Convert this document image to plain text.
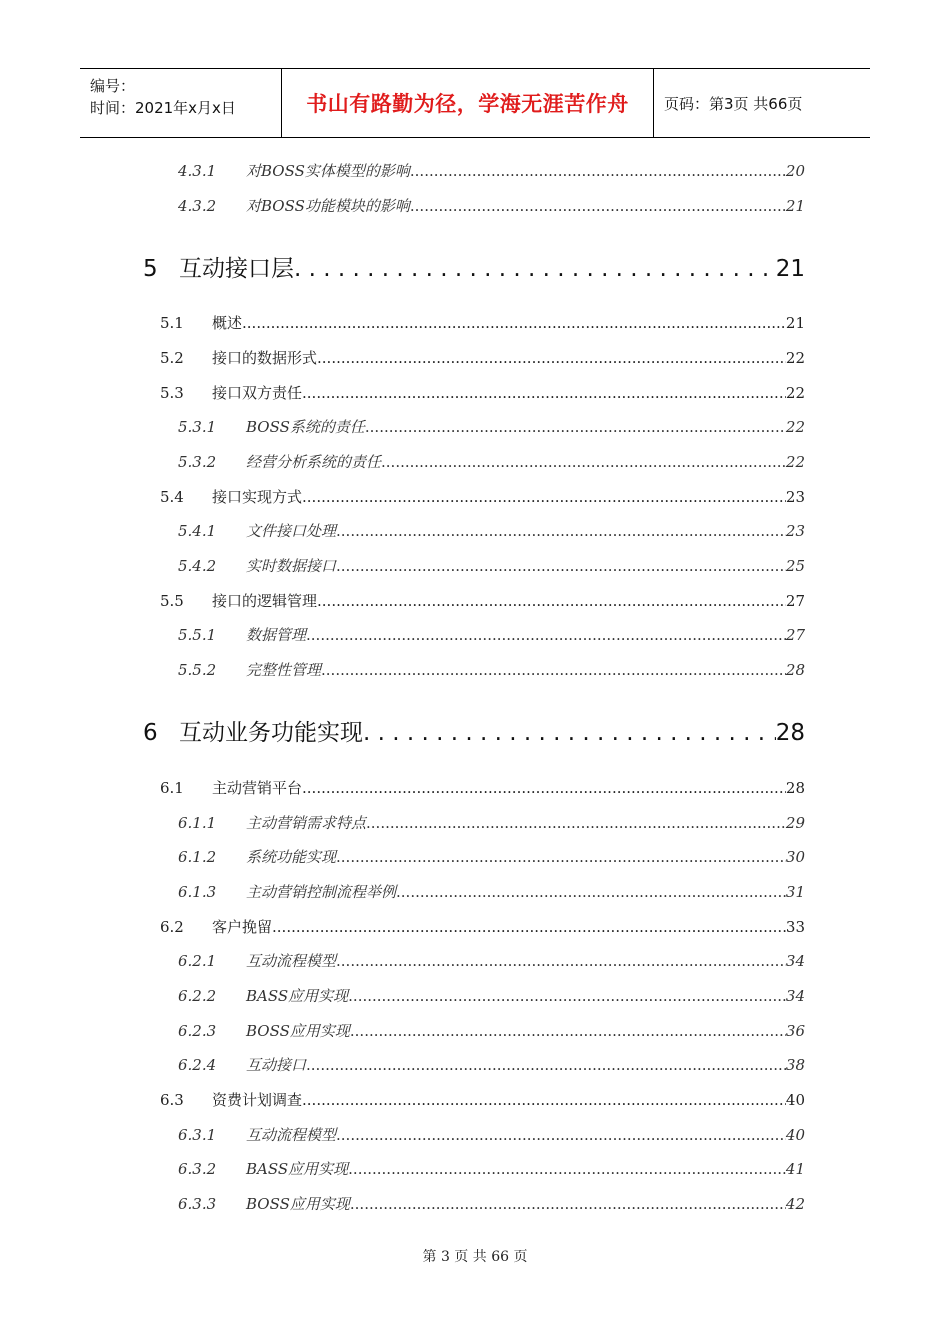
编号：
时间：2021年x月x日	书山有路勤为径，学海无涯苦作舟	页码：第3页 共66页
4.3.1	对BOSS实体模型的影响 .....	20
4.3.2	对BOSS功能模块的影响 .....	21
5 互动接口层 . . .	21
5.1	概述 .....	21
5.2	接口的数据形式 .....	22
5.3	接口双方责任 .....	22
5.3.1	BOSS系统的责任 .....	22
5.3.2	经营分析系统的责任 .....	22
5.4	接口实现方式 .....	23
5.4.1	文件接口处理 .....	23
5.4.2	实时数据接口 .....	25
5.5	接口的逻辑管理 .....	27
5.5.1	数据管理 .....	27
5.5.2	完整性管理 .....	28
6 互动业务功能实现 . . .	28
6.1	主动营销平台 .....	28
6.1.1	主动营销需求特点 .....	29
6.1.2	系统功能实现 .....	30
6.1.3	主动营销控制流程举例 .....	31
6.2	客户挽留 .....	33
6.2.1	互动流程模型 .....	34
6.2.2	BASS应用实现 .....	34
6.2.3	BOSS应用实现 .....	36
6.2.4	互动接口 .....	38
6.3	资费计划调查 .....	40
6.3.1	互动流程模型 .....	40
6.3.2	BASS应用实现 .....	41
6.3.3	BOSS应用实现 .....	42
第 3 页 共 66 页
